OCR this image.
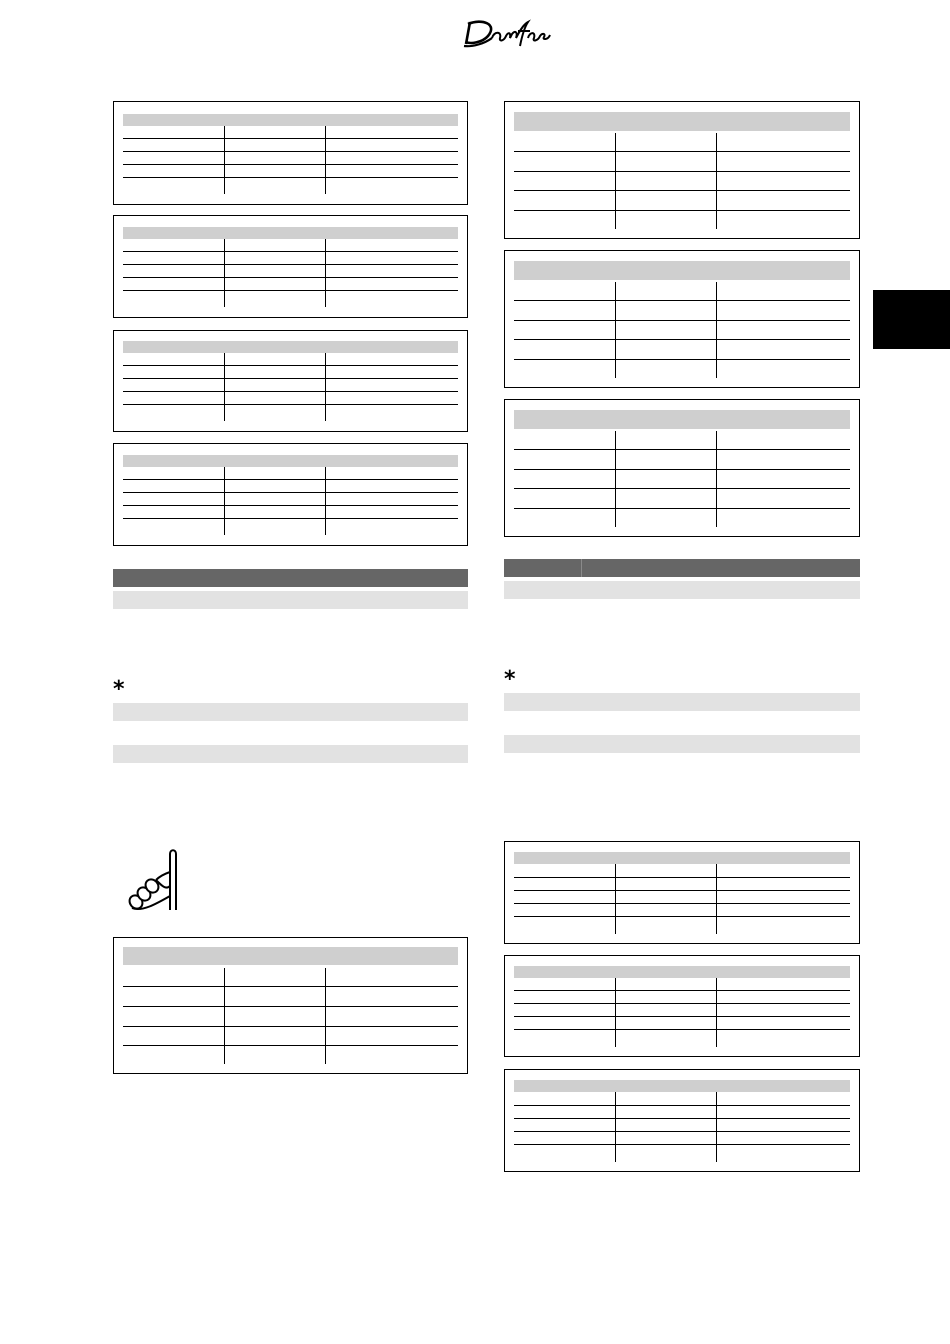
Danfoss
*	*
